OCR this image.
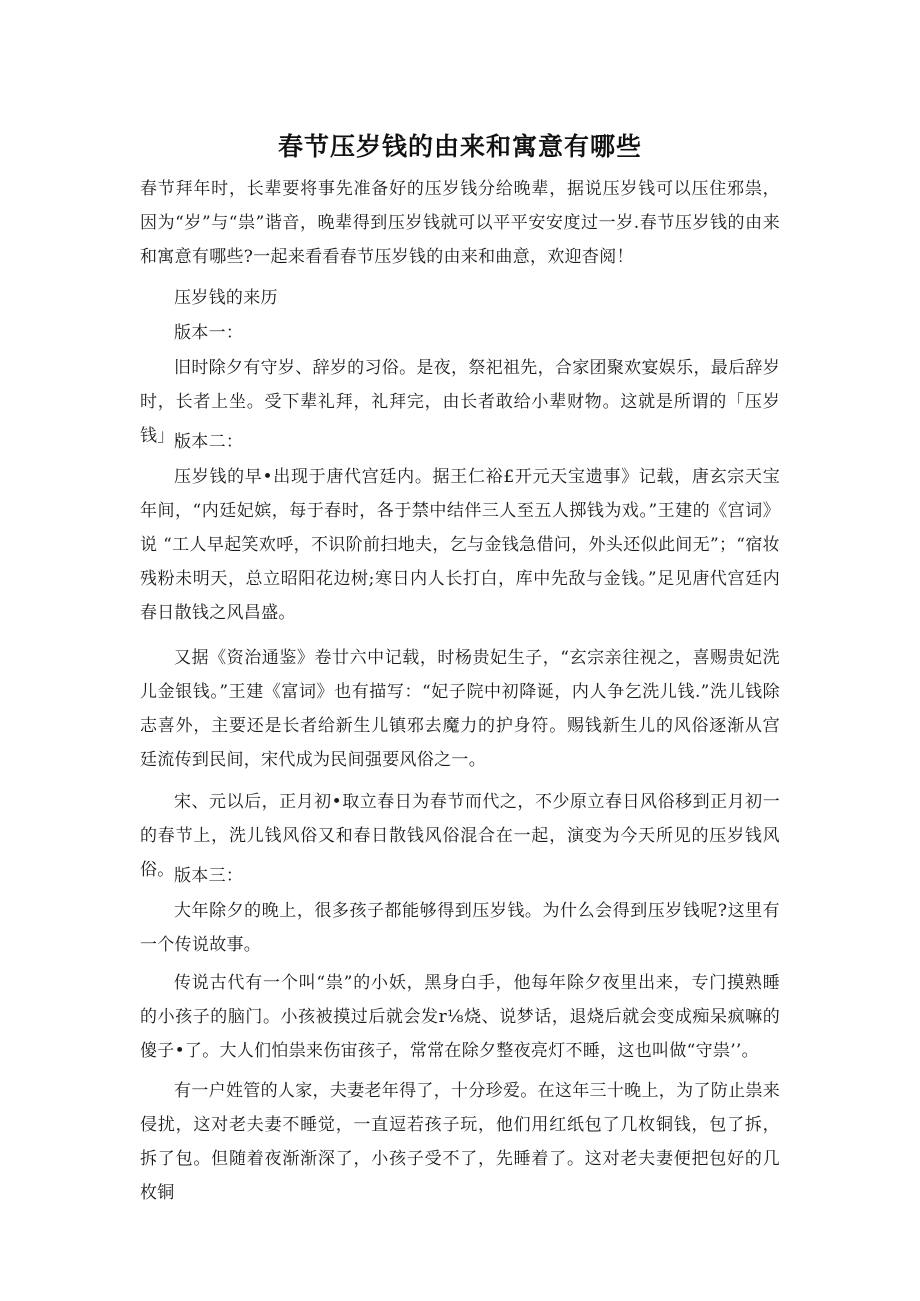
春节压岁钱的由来和寓意有哪些

春节拜年时，长辈要将事先准备好的压岁钱分给晚辈，据说压岁钱可以压住邪祟，因为“岁”与“祟”谐音，晚辈得到压岁钱就可以平平安安度过一岁.春节压岁钱的由来和寓意有哪些?一起来看看春节压岁钱的由来和曲意，欢迎杳阅！

压岁钱的来历

版本一：

旧时除夕有守岁、辞岁的习俗。是夜，祭祀祖先，合家团聚欢宴娱乐，最后辞岁时，长者上坐。受下辈礼拜，礼拜完，由长者敢给小辈财物。这就是所谓的「压岁钱」.

版本二：

压岁钱的早•出现于唐代宫廷内。据王仁裕£开元天宝遗事》记载，唐玄宗天宝年间，“内廷妃嫔，每于春时，各于禁中结伴三人至五人掷钱为戏。”王建的《宫词》说 “工人早起笑欢呼，不识阶前扫地夫，乞与金钱急借问，外头还似此间无”；“宿妆残粉未明天，总立昭阳花边树;寒日内人长打白，库中先敌与金钱。”足见唐代宫廷内春日散钱之风昌盛。

又据《资治通鉴》卷廿六中记载，时杨贵妃生子，“玄宗亲往视之，喜赐贵妃洗儿金银钱。”王建《富词》也有描写：“妃子院中初降诞，内人争乞洗儿钱.”洗儿钱除志喜外，主要还是长者给新生儿镇邪去魔力的护身符。赐钱新生儿的风俗逐渐从宫廷流传到民间，宋代成为民间强要风俗之一。

宋、元以后，正月初•取立春日为春节而代之，不少原立春日风俗移到正月初一的春节上，洗儿钱风俗又和春日散钱风俗混合在一起，演变为今天所见的压岁钱风俗。 版本三：

大年除夕的晚上，很多孩子都能够得到压岁钱。为什么会得到压岁钱呢?这里有一个传说故事。

传说古代有一个叫“祟”的小妖，黑身白手，他每年除夕夜里出来，专门摸熟睡的小孩子的脑门。小孩被摸过后就会发r⅛烧、说梦话，退烧后就会变成痴呆疯嘛的傻子•了。大人们怕祟来伤宙孩子，常常在除夕整夜亮灯不睡，这也叫做“守祟’’。

有一户姓管的人家，夫妻老年得了，十分珍爱。在这年三十晚上，为了防止祟来侵扰，这对老夫妻不睡觉，一直逗若孩子玩，他们用红纸包了几枚铜钱，包了拆，拆了包。但随着夜渐渐深了，小孩子受不了，先睡着了。这对老夫妻便把包好的几枚铜
